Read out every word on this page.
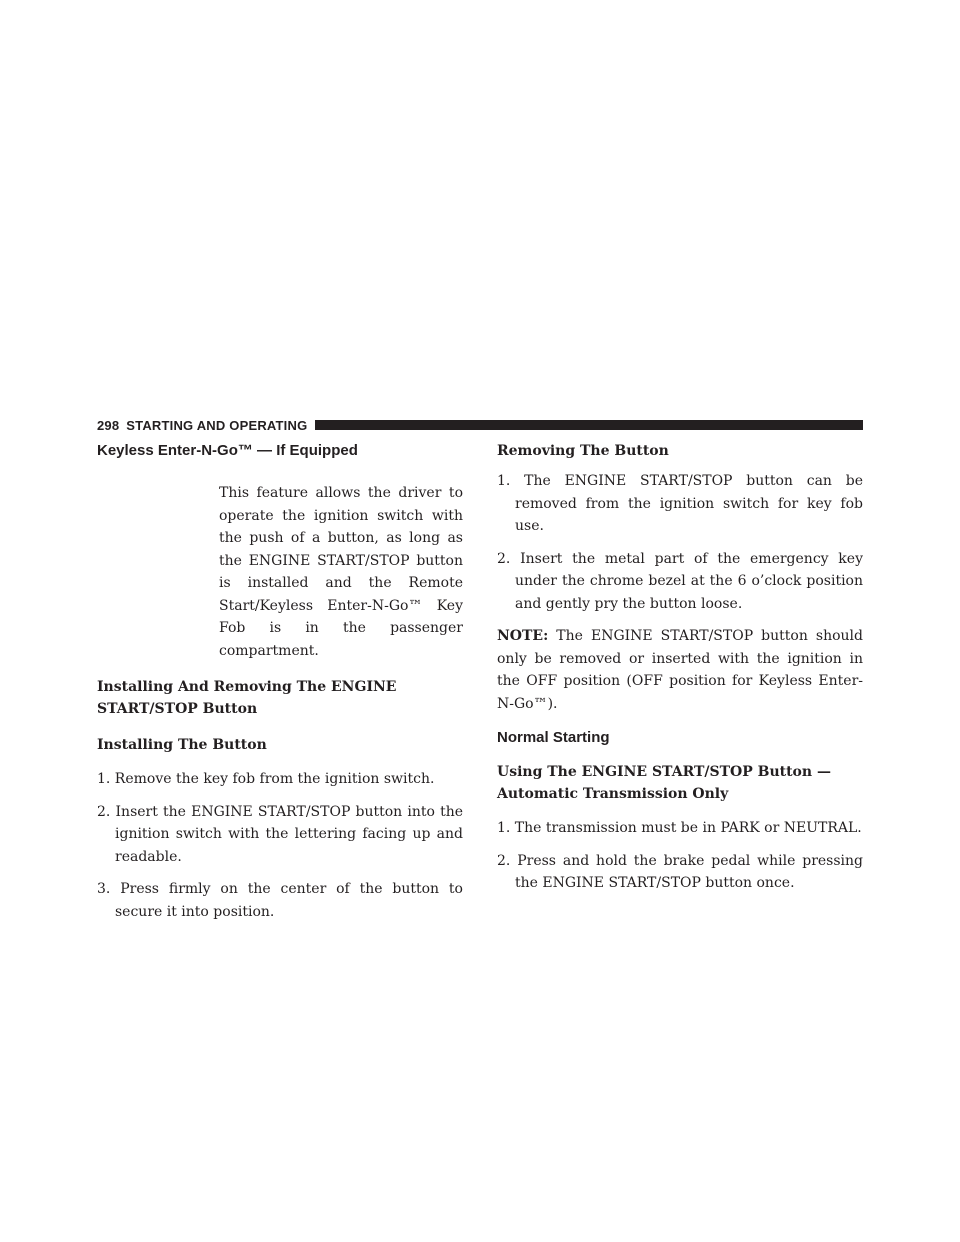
298 STARTING AND OPERATING
Keyless Enter-N-Go™ — If Equipped

This feature allows the driver to operate the ignition switch with the push of a button, as long as the ENGINE START/STOP button is installed and the Remote Start/Keyless Enter-N-Go™ Key Fob is in the passenger compartment.

Installing And Removing The ENGINE
START/STOP Button
Installing The Button

1. Remove the key fob from the ignition switch.

2. Insert the ENGINE START/STOP button into the ignition switch with the lettering facing up and readable.

3. Press firmly on the center of the button to secure it into position.

Removing The Button

1. The ENGINE START/STOP button can be removed from the ignition switch for key fob use.

2. Insert the metal part of the emergency key under the chrome bezel at the 6 o’clock position and gently pry the button loose.

NOTE: The ENGINE START/STOP button should only be removed or inserted with the ignition in the OFF position (OFF position for Keyless Enter-N-Go™).

Normal Starting
Using The ENGINE START/STOP Button —
Automatic Transmission Only

1. The transmission must be in PARK or NEUTRAL.

2. Press and hold the brake pedal while pressing the ENGINE START/STOP button once.
